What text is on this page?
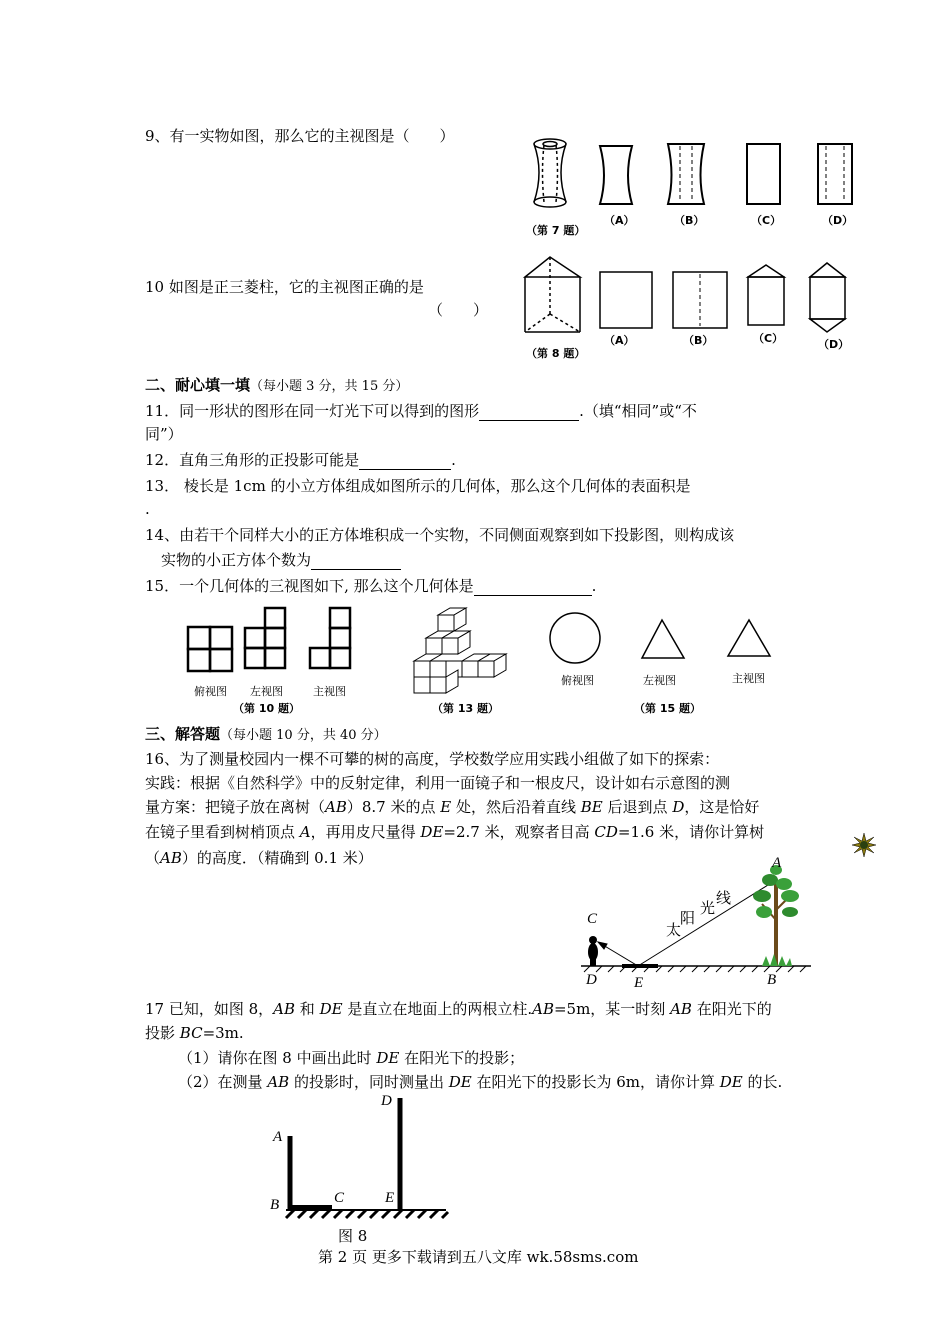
9、有一实物如图，那么它的主视图是（　　）
（第 7 题）
（A）	（B）	（C）	（D）
10 如图是正三菱柱，它的主视图正确的是
（　　）
（第 8 题）
（A）	（B）	（C）	（D）
二、耐心填一填（每小题 3 分，共 15 分）
11．同一形状的图形在同一灯光下可以得到的图形	.（填“相同”或“不
同”）
12．直角三角形的正投影可能是	.
13． 棱长是 1cm 的小立方体组成如图所示的几何体，那么这个几何体的表面积是
.
14、由若干个同样大小的正方体堆积成一个实物，不同侧面观察到如下投影图，则构成该
实物的小正方体个数为
15．一个几何体的三视图如下, 那么这个几何体是	.
俯视图 左视图	主视图
（第 10 题）	（第 13 题）
俯视图	左视图	主视图
（第 15 题）
三、解答题（每小题 10 分，共 40 分）
16、为了测量校园内一棵不可攀的树的高度，学校数学应用实践小组做了如下的探索：
实践：根据《自然科学》中的反射定律，利用一面镜子和一根皮尺，设计如右示意图的测
量方案：把镜子放在离树（AB）8.7 米的点 E 处，然后沿着直线 BE 后退到点 D，这是恰好
在镜子里看到树梢顶点 A，再用皮尺量得 DE=2.7 米，观察者目高 CD=1.6 米，请你计算树
（AB）的高度．（精确到 0.1 米）	A
C
D E	B
太
阳
光
线
17 已知，如图 8，AB 和 DE 是直立在地面上的两根立柱.AB=5m，某一时刻 AB 在阳光下的
投影 BC=3m.
（1）请你在图 8 中画出此时 DE 在阳光下的投影；
（2）在测量 AB 的投影时，同时测量出 DE 在阳光下的投影长为 6m，请你计算 DE 的长.
D
A
B	C	E
图 8
第 2 页 更多下载请到五八文库 wk.58sms.com
